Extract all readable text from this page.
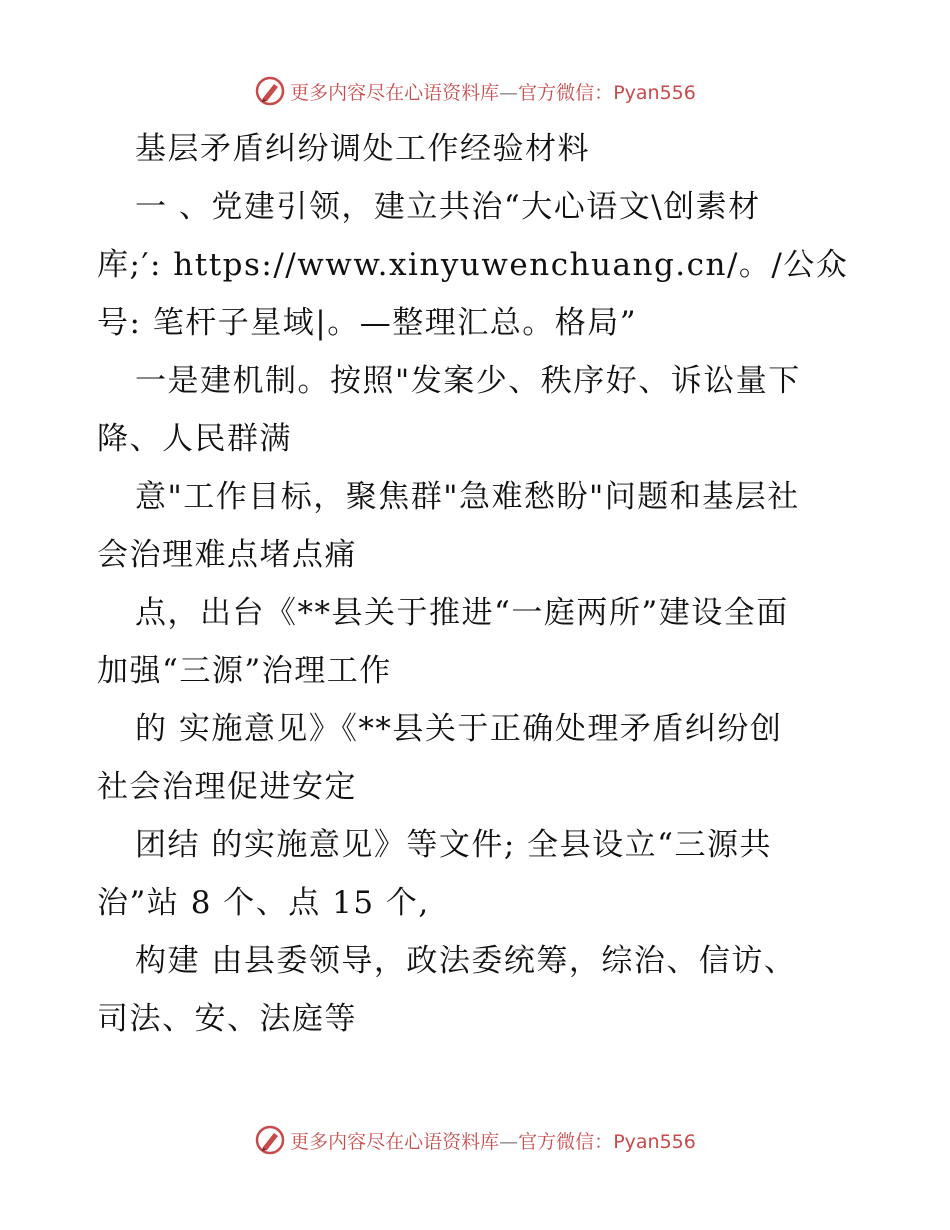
更多内容尽在心语资料库—官方微信：Pyan556
基层矛盾纠纷调处工作经验材料
一 、党建引领，建立共治“大心语文\创素材
库;′: https://www.xinyuwenchuang.cn/。/公众
号: 笔杆子星域|。—整理汇总。格局”
一是建机制。按照"发案少、秩序好、诉讼量下
降、人民群满
意"工作目标，聚焦群"急难愁盼"问题和基层社
会治理难点堵点痛
点，出台《**县关于推进“一庭两所”建设全面
加强“三源”治理工作
的 实施意见》《**县关于正确处理矛盾纠纷创
社会治理促进安定
团结 的实施意见》等文件; 全县设立“三源共
治”站 8 个、点 15 个,
构建 由县委领导，政法委统筹，综治、信访、
司法、安、法庭等
更多内容尽在心语资料库—官方微信：Pyan556
